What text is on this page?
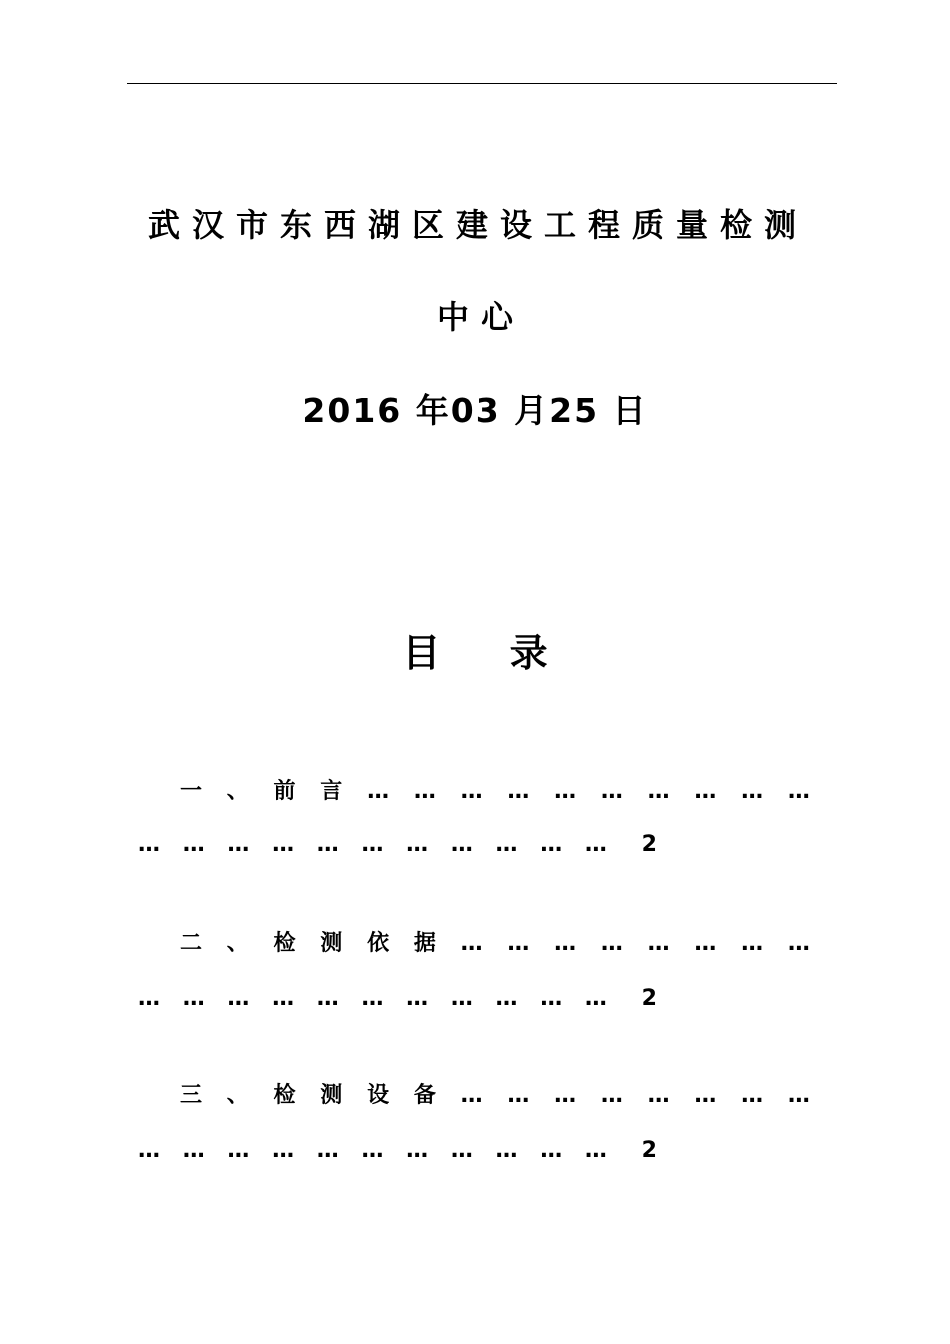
武汉市东西湖区建设工程质量检测
中心
2016 年03 月25 日
目 录
一 、 前 言 … … … … … … … … … …
…	…	…	…	…	…	…	…	…	…	…	2
二 、 检 测 依 据 … … … … … … … …
…	…	…	…	…	…	…	…	…	…	…	2
三 、 检 测 设 备 … … … … … … … …
…	…	…	…	…	…	…	…	…	…	…	2
